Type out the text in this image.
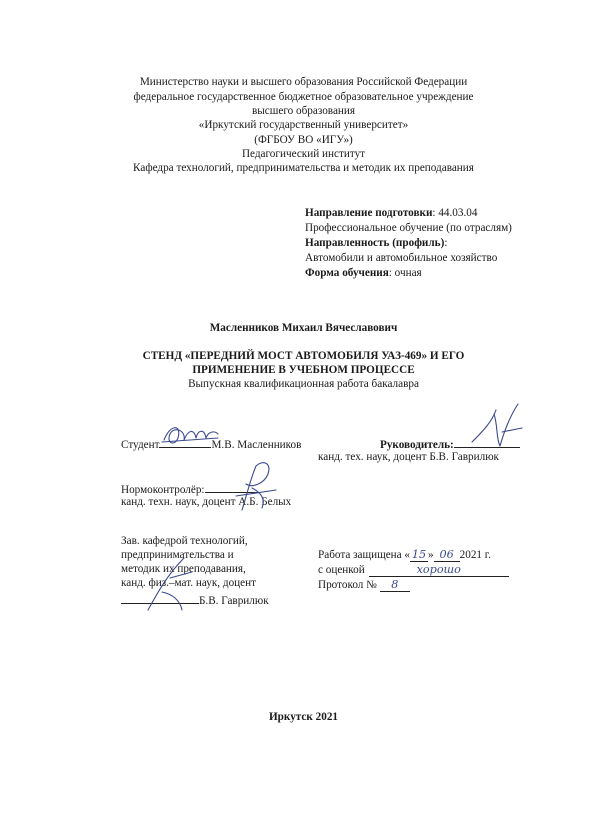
Министерство науки и высшего образования Российской Федерации
федеральное государственное бюджетное образовательное учреждение
высшего образования
«Иркутский государственный университет»
(ФГБОУ ВО «ИГУ»)
Педагогический институт
Кафедра технологий, предпринимательства и методик их преподавания
Направление подготовки: 44.03.04
Профессиональное обучение (по отраслям)
Направленность (профиль):
Автомобили и автомобильное хозяйство
Форма обучения: очная
Масленников Михаил Вячеславович
СТЕНД «ПЕРЕДНИЙ МОСТ АВТОМОБИЛЯ УАЗ-469» И ЕГО
ПРИМЕНЕНИЕ В УЧЕБНОМ ПРОЦЕССЕ
Выпускная квалификационная работа бакалавра
Студент	М.В. Масленников	Руководитель:
канд. тех. наук, доцент Б.В. Гаврилюк
Нормоконтролёр:
канд. техн. наук, доцент А.Б. Белых
Зав. кафедрой технологий,
предпринимательства и
методик их преподавания,
канд. физ.–мат. наук, доцент
Б.В. Гаврилюк
Работа защищена « 15 » 06 2021 г.
с оценкой	хорошо
Протокол № 8
Иркутск 2021
